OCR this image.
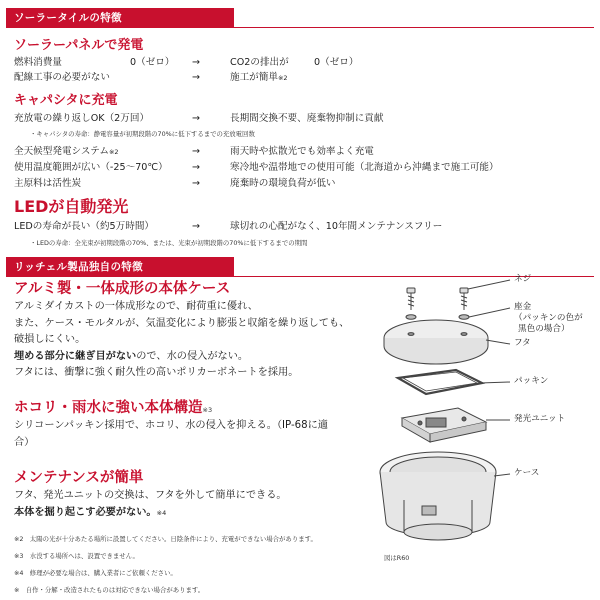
ソーラータイルの特徴
ソーラーパネルで発電
燃料消費量	0（ゼロ） →	CO2の排出が	0（ゼロ）
配線工事の必要がない	→	施工が簡単※2
キャパシタに充電
充放電の繰り返しOK（2万回）	→	長期間交換不要、廃棄物抑制に貢献
・キャパシタの寿命：静電容量が初期段階の70%に低下するまでの充放電回数
全天候型発電システム※2	→	雨天時や拡散光でも効率よく充電
使用温度範囲が広い（-25～70℃）	→	寒冷地や温帯地での使用可能（北海道から沖縄まで施工可能）
主原料は活性炭	→	廃棄時の環境負荷が低い
LEDが自動発光
LEDの寿命が長い（約5万時間）	→	球切れの心配がなく、10年間メンテナンスフリー
・LEDの寿命：全光束が初期段階の70%、または、光束が初期段階の70%に低下するまでの期間
リッチェル製品独自の特徴
アルミ製・一体成形の本体ケース
アルミダイカストの一体成形なので、耐荷重に優れ、
また、ケース・モルタルが、気温変化により膨張と収縮を繰り返しても、
破損しにくい。
埋める部分に継ぎ目がないので、水の侵入がない。
フタには、衝撃に強く耐久性の高いポリカーボネートを採用。
ホコリ・雨水に強い本体構造※3
シリコーンパッキン採用で、ホコリ、水の侵入を抑える。（IP-68に適
合）
メンテナンスが簡単
フタ、発光ユニットの交換は、フタを外して簡単にできる。
本体を掘り起こす必要がない。※4
ネジ
座金
（パッキンの色が
黒色の場合）
フタ
パッキン
発光ユニット
ケース
図はR60
※2　太陽の光が十分あたる場所に設置してください。日陰条件により、充電ができない場合があります。
※3　水没する場所へは、設置できません。
※4　修理が必要な場合は、購入業者にご依頼ください。
※　自作・分解・改造されたものは対応できない場合があります。
